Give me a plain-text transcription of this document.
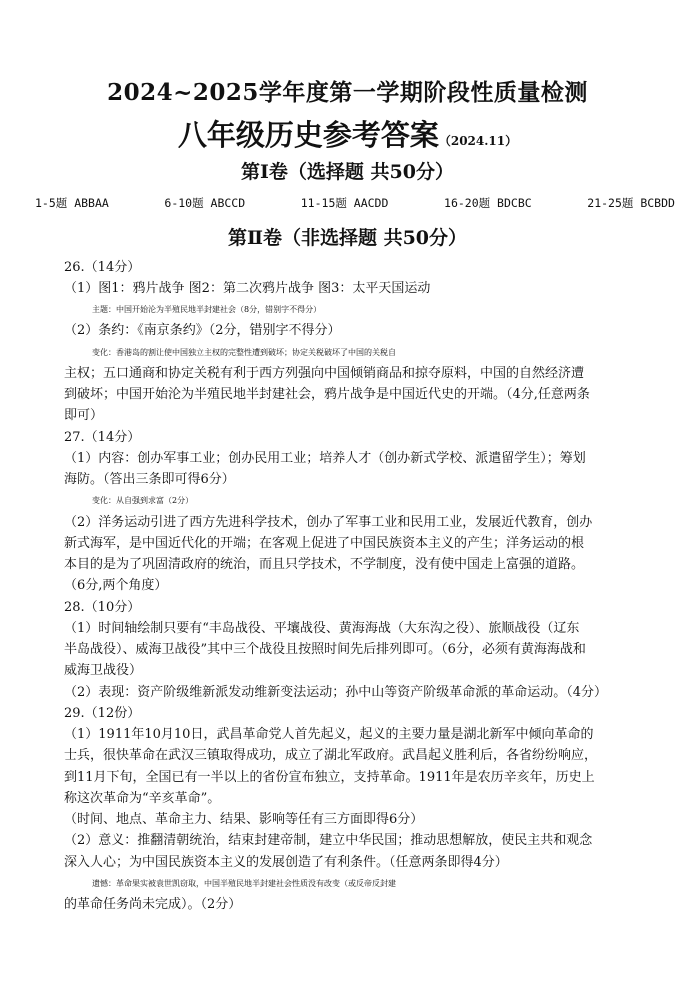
2024~2025学年度第一学期阶段性质量检测
八年级历史参考答案（2024.11）
第Ⅰ卷（选择题 共50分）
1-5题 ABBAA	6-10题 ABCCD	11-15题 AACDD	16-20题 BDCBC	21-25题 BCBDD
第Ⅱ卷（非选择题 共50分）
26.（14分）
（1）图1：鸦片战争 图2：第二次鸦片战争 图3：太平天国运动
主题：中国开始沦为半殖民地半封建社会（8分，错别字不得分）
（2）条约：《南京条约》（2分，错别字不得分）
变化：香港岛的割让使中国独立主权的完整性遭到破坏；协定关税破坏了中国的关税自
主权；五口通商和协定关税有利于西方列强向中国倾销商品和掠夺原料，中国的自然经济遭
到破坏；中国开始沦为半殖民地半封建社会，鸦片战争是中国近代史的开端。（4分,任意两条
即可）
27.（14分）
（1）内容：创办军事工业；创办民用工业；培养人才（创办新式学校、派遣留学生）；筹划
海防。（答出三条即可得6分）
变化：从自强到求富（2分）
（2）洋务运动引进了西方先进科学技术，创办了军事工业和民用工业，发展近代教育，创办
新式海军，是中国近代化的开端；在客观上促进了中国民族资本主义的产生；洋务运动的根
本目的是为了巩固清政府的统治，而且只学技术，不学制度，没有使中国走上富强的道路。
（6分,两个角度）
28.（10分）
（1）时间轴绘制只要有“丰岛战役、平壤战役、黄海海战（大东沟之役）、旅顺战役（辽东
半岛战役）、威海卫战役”其中三个战役且按照时间先后排列即可。（6分，必须有黄海海战和
威海卫战役）
（2）表现：资产阶级维新派发动维新变法运动；孙中山等资产阶级革命派的革命运动。（4分）
29.（12份）
（1）1911年10月10日，武昌革命党人首先起义，起义的主要力量是湖北新军中倾向革命的
士兵，很快革命在武汉三镇取得成功，成立了湖北军政府。武昌起义胜利后，各省纷纷响应，
到11月下旬，全国已有一半以上的省份宣布独立，支持革命。1911年是农历辛亥年，历史上
称这次革命为“辛亥革命”。
（时间、地点、革命主力、结果、影响等任有三方面即得6分）
（2）意义：推翻清朝统治，结束封建帝制，建立中华民国；推动思想解放，使民主共和观念
深入人心；为中国民族资本主义的发展创造了有利条件。（任意两条即得4分）
遗憾：革命果实被袁世凯窃取，中国半殖民地半封建社会性质没有改变（或反帝反封建
的革命任务尚未完成）。（2分）
